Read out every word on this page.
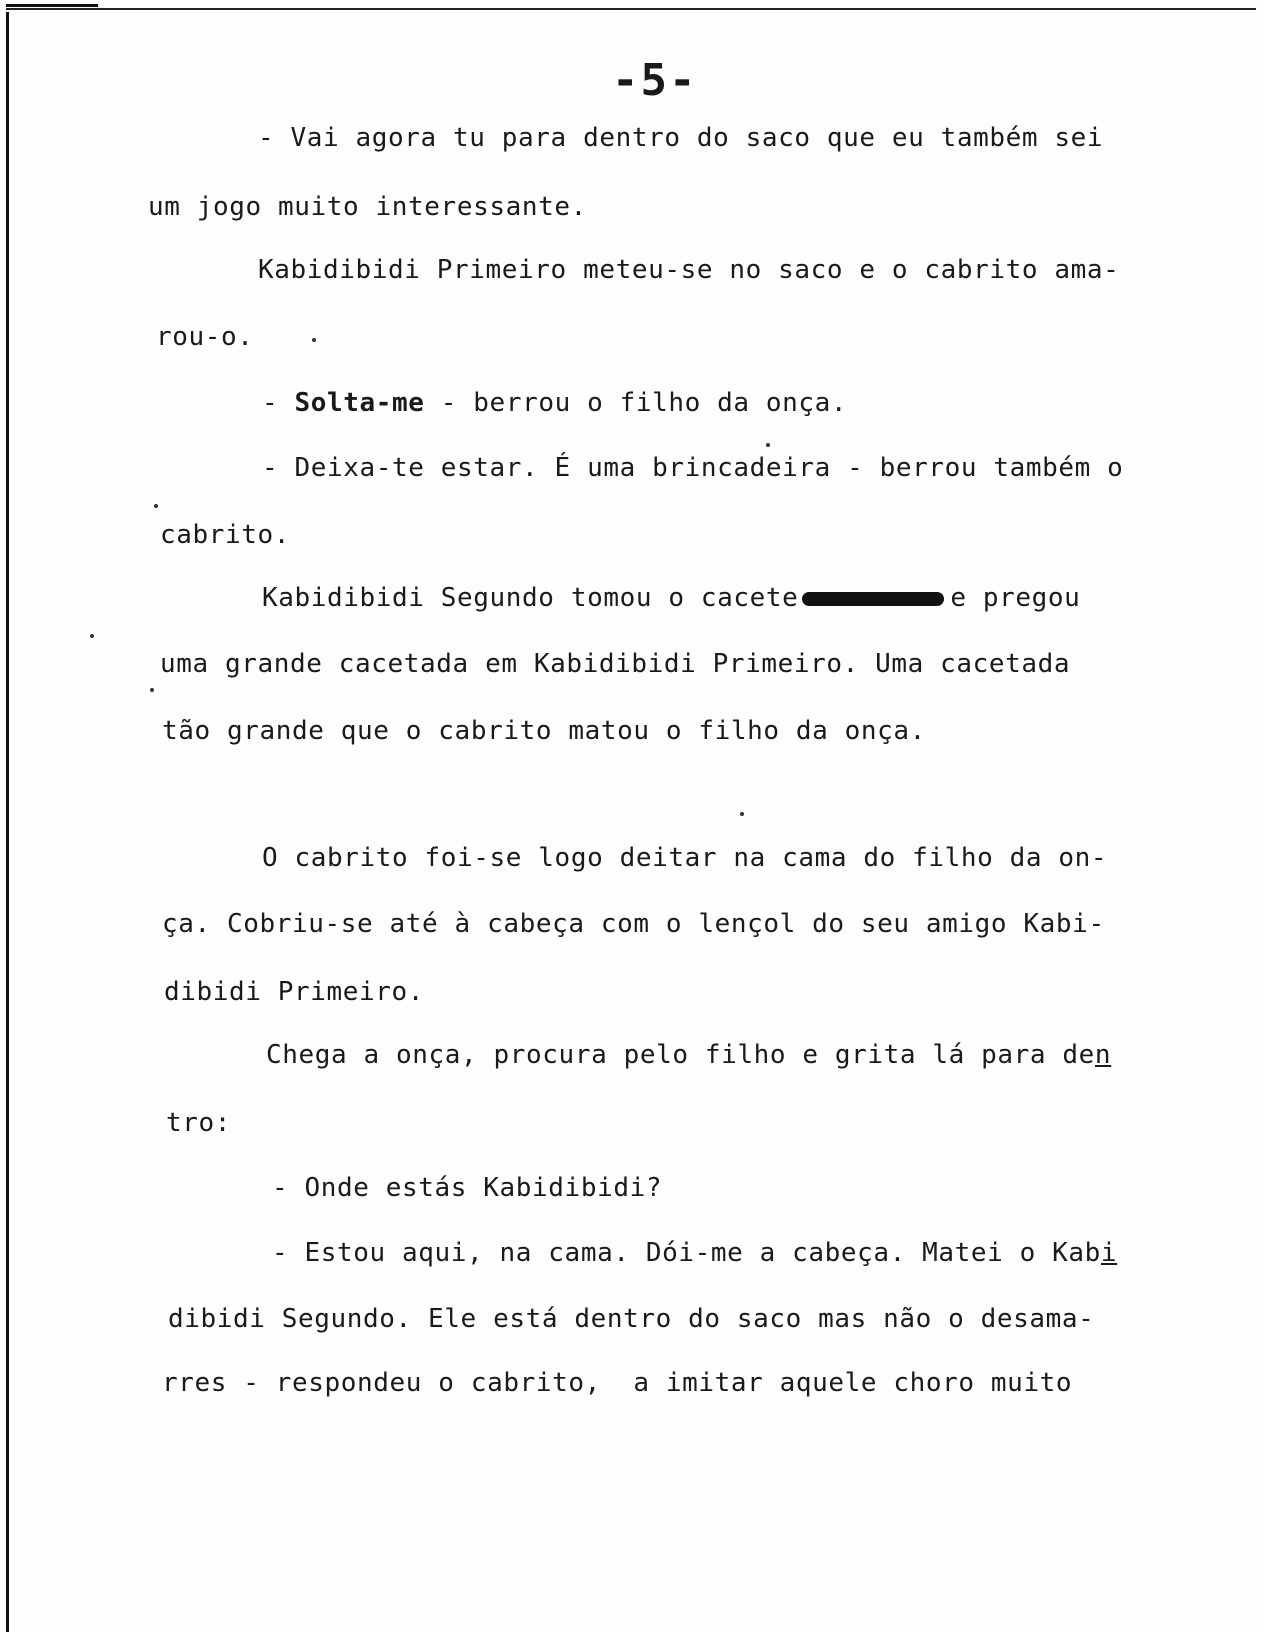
-5-
- Vai agora tu para dentro do saco que eu também sei
um jogo muito interessante.
Kabidibidi Primeiro meteu-se no saco e o cabrito ama-
rou-o.
- Solta-me - berrou o filho da onça.
- Deixa-te estar. É uma brincadeira - berrou também o
cabrito.
Kabidibidi Segundo tomou o cacete	e pregou
uma grande cacetada em Kabidibidi Primeiro. Uma cacetada
tão grande que o cabrito matou o filho da onça.
O cabrito foi-se logo deitar na cama do filho da on-
ça. Cobriu-se até à cabeça com o lençol do seu amigo Kabi-
dibidi Primeiro.
Chega a onça, procura pelo filho e grita lá para den
tro:
- Onde estás Kabidibidi?
- Estou aqui, na cama. Dói-me a cabeça. Matei o Kabi
dibidi Segundo. Ele está dentro do saco mas não o desama-
rres - respondeu o cabrito,  a imitar aquele choro muito
